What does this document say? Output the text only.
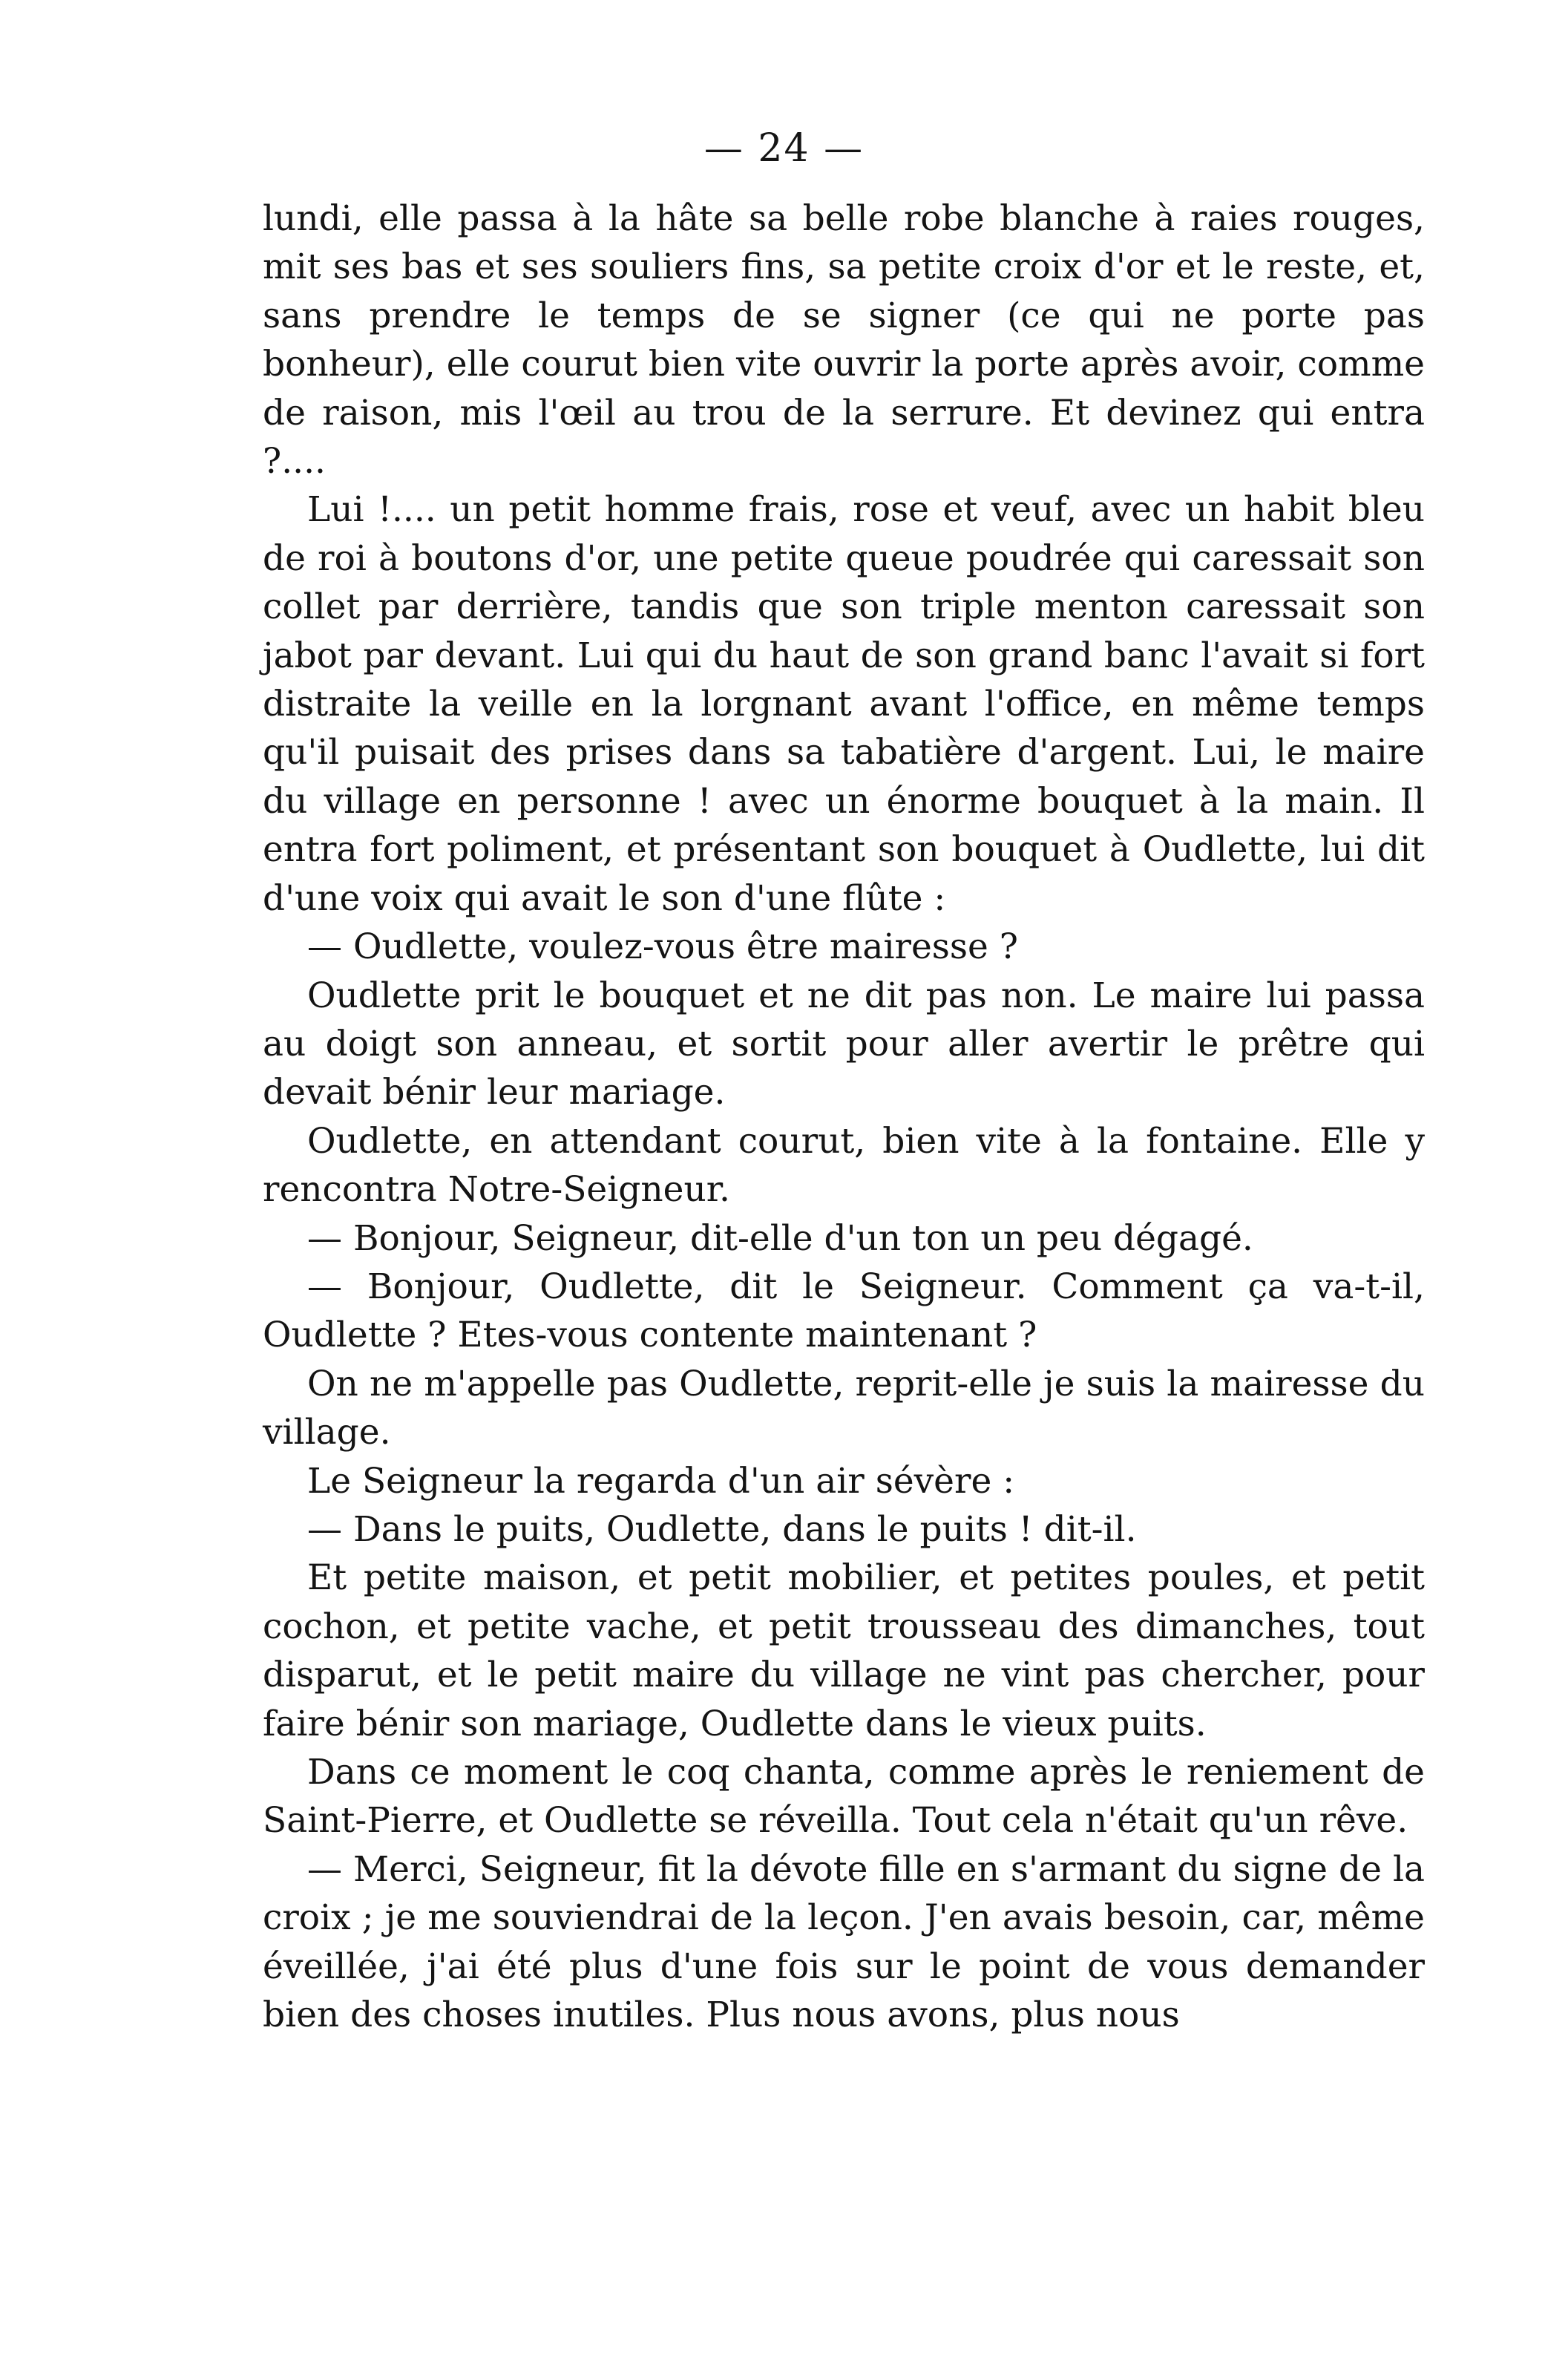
— 24 —

lundi, elle passa à la hâte sa belle robe blanche à raies rouges, mit ses bas et ses souliers fins, sa petite croix d'or et le reste, et, sans prendre le temps de se signer (ce qui ne porte pas bonheur), elle courut bien vite ouvrir la porte après avoir, comme de raison, mis l'œil au trou de la serrure. Et devinez qui entra ?....

Lui !.... un petit homme frais, rose et veuf, avec un habit bleu de roi à boutons d'or, une petite queue poudrée qui caressait son collet par derrière, tandis que son triple menton caressait son jabot par devant. Lui qui du haut de son grand banc l'avait si fort distraite la veille en la lorgnant avant l'office, en même temps qu'il puisait des prises dans sa tabatière d'argent. Lui, le maire du village en personne ! avec un énorme bouquet à la main. Il entra fort poliment, et présentant son bouquet à Oudlette, lui dit d'une voix qui avait le son d'une flûte :

— Oudlette, voulez-vous être mairesse ?

Oudlette prit le bouquet et ne dit pas non. Le maire lui passa au doigt son anneau, et sortit pour aller avertir le prêtre qui devait bénir leur mariage.

Oudlette, en attendant courut, bien vite à la fontaine. Elle y rencontra Notre-Seigneur.

— Bonjour, Seigneur, dit-elle d'un ton un peu dégagé.

— Bonjour, Oudlette, dit le Seigneur. Comment ça va-t-il, Oudlette ? Etes-vous contente maintenant ?

On ne m'appelle pas Oudlette, reprit-elle je suis la mairesse du village.

Le Seigneur la regarda d'un air sévère :

— Dans le puits, Oudlette, dans le puits ! dit-il.

Et petite maison, et petit mobilier, et petites poules, et petit cochon, et petite vache, et petit trousseau des dimanches, tout disparut, et le petit maire du village ne vint pas chercher, pour faire bénir son mariage, Oudlette dans le vieux puits.

Dans ce moment le coq chanta, comme après le reniement de Saint-Pierre, et Oudlette se réveilla. Tout cela n'était qu'un rêve.

— Merci, Seigneur, fit la dévote fille en s'armant du signe de la croix ; je me souviendrai de la leçon. J'en avais besoin, car, même éveillée, j'ai été plus d'une fois sur le point de vous demander bien des choses inutiles. Plus nous avons, plus nous
